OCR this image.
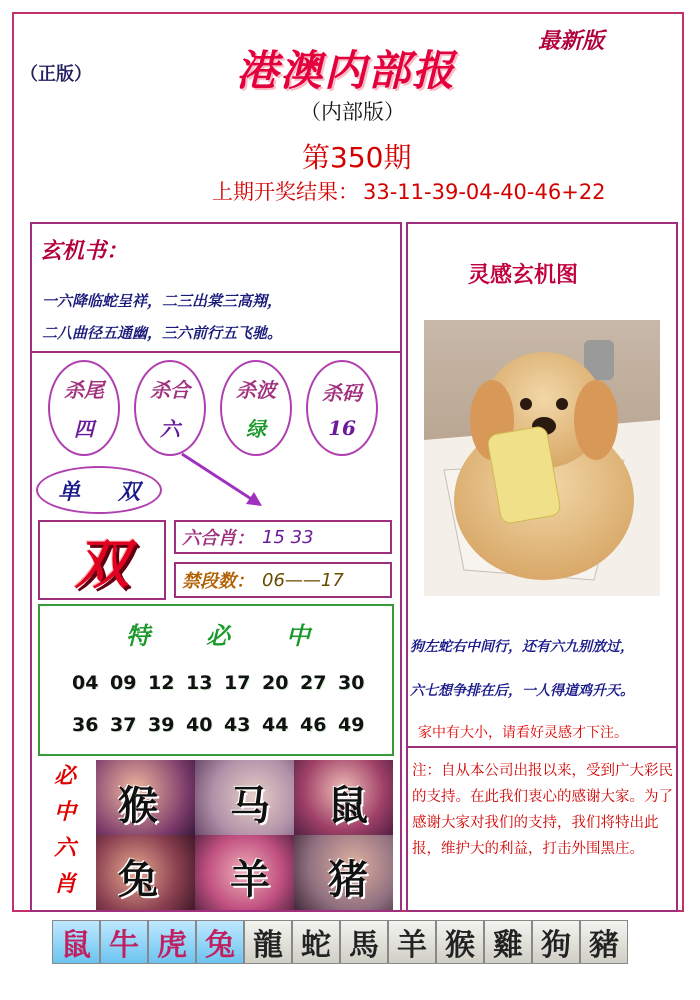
（正版）
最新版
港澳内部报
（内部版）
第350期
上期开奖结果： 33-11-39-04-40-46+22
玄机书：
一六降临蛇呈祥，二三出棠三高翔，
二八曲径五通幽，三六前行五飞驰。
杀尾
四
杀合
六
杀波
绿
杀码
16
单 双
双	六合肖： 15 33
禁段数： 06——17
特 必 中
04 09 12 13 17 20 27 30
36 37 39 40 43 44 46 49
必
中
六
肖
猴 马 鼠
兔 羊 猪
灵感玄机图
狗左蛇右中间行，还有六九别放过，
六七想争排在后，一人得道鸡升天。
家中有大小，请看好灵感才下注。
注：自从本公司出报以来，受到广大彩民的支持。在此我们衷心的感谢大家。为了感谢大家对我们的支持，我们将特出此报，维护大的利益，打击外围黑庄。
鼠 牛 虎 兔 龍 蛇 馬 羊 猴 雞 狗 豬
